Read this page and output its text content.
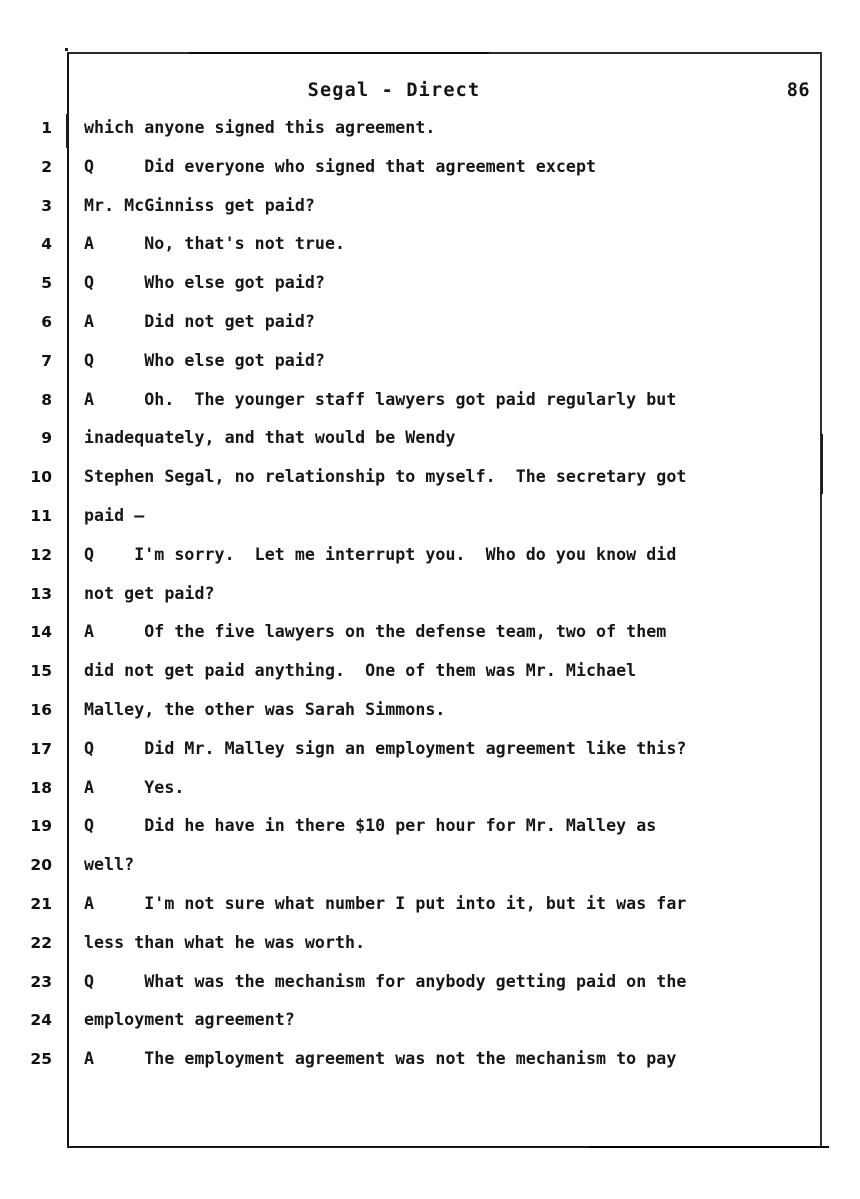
Segal - Direct	86
1 which anyone signed this agreement.
2 Q     Did everyone who signed that agreement except
3 Mr. McGinniss get paid?
4 A     No, that's not true.
5 Q     Who else got paid?
6 A     Did not get paid?
7 Q     Who else got paid?
8 A     Oh.  The younger staff lawyers got paid regularly but
9 inadequately, and that would be Wendy
10 Stephen Segal, no relationship to myself.  The secretary got
11 paid —
12 Q    I'm sorry.  Let me interrupt you.  Who do you know did
13 not get paid?
14 A     Of the five lawyers on the defense team, two of them
15 did not get paid anything.  One of them was Mr. Michael
16 Malley, the other was Sarah Simmons.
17 Q     Did Mr. Malley sign an employment agreement like this?
18 A     Yes.
19 Q     Did he have in there $10 per hour for Mr. Malley as
20 well?
21 A     I'm not sure what number I put into it, but it was far
22 less than what he was worth.
23 Q     What was the mechanism for anybody getting paid on the
24 employment agreement?
25 A     The employment agreement was not the mechanism to pay
